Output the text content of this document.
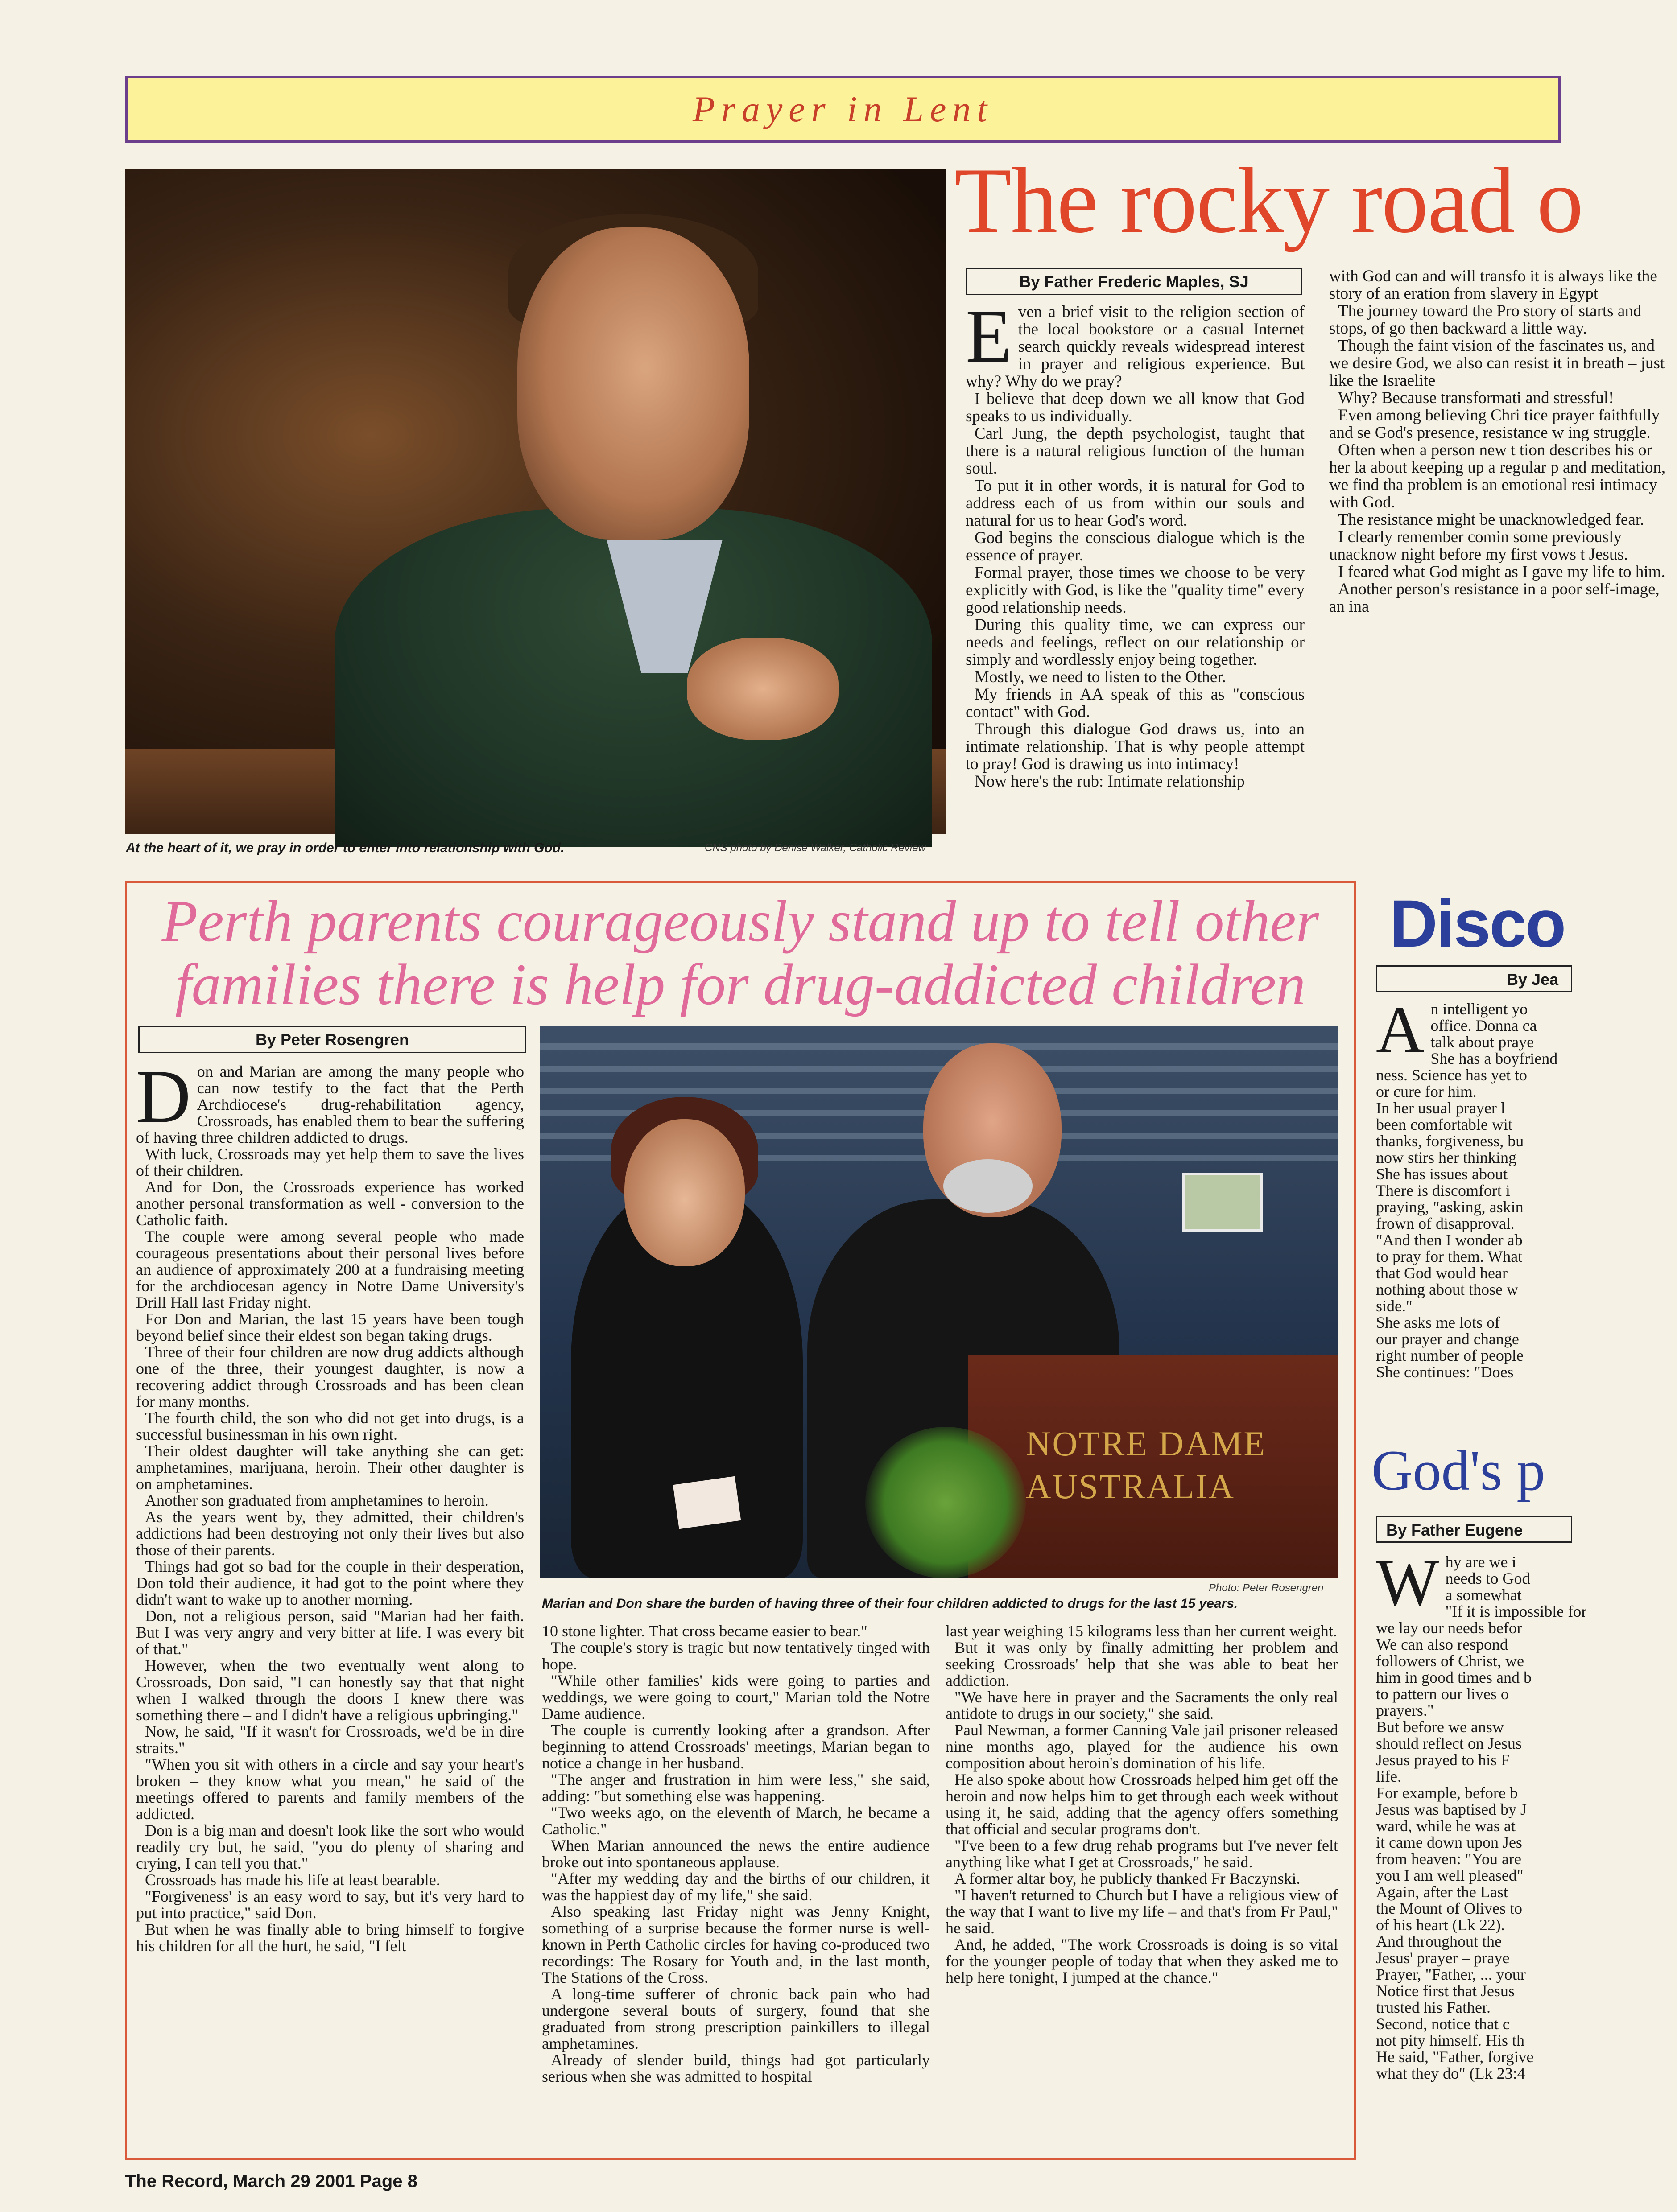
Prayer in Lent
At the heart of it, we pray in order to enter into relationship with God.	CNS photo by Denise Walker, Catholic Review
The rocky road o
By Father Frederic Maples, SJ
E ven a brief visit to the religion section of the local bookstore or a casual Internet search quickly reveals widespread interest in prayer and religious experience. But why? Why do we pray?

I believe that deep down we all know that God speaks to us individually.

Carl Jung, the depth psychologist, taught that there is a natural religious function of the human soul.

To put it in other words, it is natural for God to address each of us from within our souls and natural for us to hear God's word.

God begins the conscious dialogue which is the essence of prayer.

Formal prayer, those times we choose to be very explicitly with God, is like the "quality time" every good relationship needs.

During this quality time, we can express our needs and feelings, reflect on our relationship or simply and wordlessly enjoy being together.

Mostly, we need to listen to the Other.

My friends in AA speak of this as "conscious contact" with God.

Through this dialogue God draws us, into an intimate relationship. That is why people attempt to pray! God is drawing us into intimacy!

Now here's the rub: Intimate relationship

with God can and will transfo it is always like the story of an eration from slavery in Egypt

The journey toward the Pro story of starts and stops, of go then backward a little way.

Though the faint vision of the fascinates us, and we desire God, we also can resist it in breath – just like the Israelite

Why? Because transformati and stressful!

Even among believing Chri tice prayer faithfully and se God's presence, resistance w ing struggle.

Often when a person new t tion describes his or her la about keeping up a regular p and meditation, we find tha problem is an emotional resi intimacy with God.

The resistance might be unacknowledged fear.

I clearly remember comin some previously unacknow night before my first vows t Jesus.

I feared what God might as I gave my life to him.

Another person's resistance in a poor self-image, an ina

Perth parents courageously stand up to tell other
families there is help for drug-addicted children
By Peter Rosengren
NOTRE DAME
AUSTRALIA
Photo: Peter Rosengren
Marian and Don share the burden of having three of their four children addicted to drugs for the last 15 years.
D on and Marian are among the many people who can now testify to the fact that the Perth Archdiocese's drug-rehabilitation agency, Crossroads, has enabled them to bear the suffering of having three children addicted to drugs.

With luck, Crossroads may yet help them to save the lives of their children.

And for Don, the Crossroads experience has worked another personal transformation as well - conversion to the Catholic faith.

The couple were among several people who made courageous presentations about their personal lives before an audience of approximately 200 at a fundraising meeting for the archdiocesan agency in Notre Dame University's Drill Hall last Friday night.

For Don and Marian, the last 15 years have been tough beyond belief since their eldest son began taking drugs.

Three of their four children are now drug addicts although one of the three, their youngest daughter, is now a recovering addict through Crossroads and has been clean for many months.

The fourth child, the son who did not get into drugs, is a successful businessman in his own right.

Their oldest daughter will take anything she can get: amphetamines, marijuana, heroin. Their other daughter is on amphetamines.

Another son graduated from amphetamines to heroin.

As the years went by, they admitted, their children's addictions had been destroying not only their lives but also those of their parents.

Things had got so bad for the couple in their desperation, Don told their audience, it had got to the point where they didn't want to wake up to another morning.

Don, not a religious person, said "Marian had her faith. But I was very angry and very bitter at life. I was every bit of that."

However, when the two eventually went along to Crossroads, Don said, "I can honestly say that that night when I walked through the doors I knew there was something there – and I didn't have a religious upbringing."

Now, he said, "If it wasn't for Crossroads, we'd be in dire straits."

"When you sit with others in a circle and say your heart's broken – they know what you mean," he said of the meetings offered to parents and family members of the addicted.

Don is a big man and doesn't look like the sort who would readily cry but, he said, "you do plenty of sharing and crying, I can tell you that."

Crossroads has made his life at least bearable.

"Forgiveness' is an easy word to say, but it's very hard to put into practice," said Don.

But when he was finally able to bring himself to forgive his children for all the hurt, he said, "I felt

10 stone lighter. That cross became easier to bear."

The couple's story is tragic but now tentatively tinged with hope.

"While other families' kids were going to parties and weddings, we were going to court," Marian told the Notre Dame audience.

The couple is currently looking after a grandson. After beginning to attend Crossroads' meetings, Marian began to notice a change in her husband.

"The anger and frustration in him were less," she said, adding: "but something else was happening.

"Two weeks ago, on the eleventh of March, he became a Catholic."

When Marian announced the news the entire audience broke out into spontaneous applause.

"After my wedding day and the births of our children, it was the happiest day of my life," she said.

Also speaking last Friday night was Jenny Knight, something of a surprise because the former nurse is well-known in Perth Catholic circles for having co-produced two recordings: The Rosary for Youth and, in the last month, The Stations of the Cross.

A long-time sufferer of chronic back pain who had undergone several bouts of surgery, found that she graduated from strong prescription painkillers to illegal amphetamines.

Already of slender build, things had got particularly serious when she was admitted to hospital

last year weighing 15 kilograms less than her current weight.

But it was only by finally admitting her problem and seeking Crossroads' help that she was able to beat her addiction.

"We have here in prayer and the Sacraments the only real antidote to drugs in our society," she said.

Paul Newman, a former Canning Vale jail prisoner released nine months ago, played for the audience his own composition about heroin's domination of his life.

He also spoke about how Crossroads helped him get off the heroin and now helps him to get through each week without using it, he said, adding that the agency offers something that official and secular programs don't.

"I've been to a few drug rehab programs but I've never felt anything like what I get at Crossroads," he said.

A former altar boy, he publicly thanked Fr Baczynski.

"I haven't returned to Church but I have a religious view of the way that I want to live my life – and that's from Fr Paul," he said.

And, he added, "The work Crossroads is doing is so vital for the younger people of today that when they asked me to help here tonight, I jumped at the chance."

Disco
By Jea
A n intelligent yo
office. Donna ca
talk about praye
She has a boyfriend
ness. Science has yet to
or cure for him.
In her usual prayer l
been comfortable wit
thanks, forgiveness, bu
now stirs her thinking
She has issues about
There is discomfort i
praying, "asking, askin
frown of disapproval.
"And then I wonder ab
to pray for them. What
that God would hear
nothing about those w
side."
She asks me lots of
our prayer and change
right number of people
She continues: "Does
God's p
By Father Eugene
W hy are we i
needs to God
a somewhat
"If it is impossible for
we lay our needs befor
We can also respond
followers of Christ, we
him in good times and b
to pattern our lives o
prayers."
But before we answ
should reflect on Jesus
Jesus prayed to his F
life.
For example, before b
Jesus was baptised by J
ward, while he was at
it came down upon Jes
from heaven: "You are
you I am well pleased"
Again, after the Last
the Mount of Olives to
of his heart (Lk 22).
And throughout the
Jesus' prayer – praye
Prayer, "Father, ... your
Notice first that Jesus
trusted his Father.
Second, notice that c
not pity himself. His th
He said, "Father, forgive
what they do" (Lk 23:4
The Record, March 29 2001 Page 8
